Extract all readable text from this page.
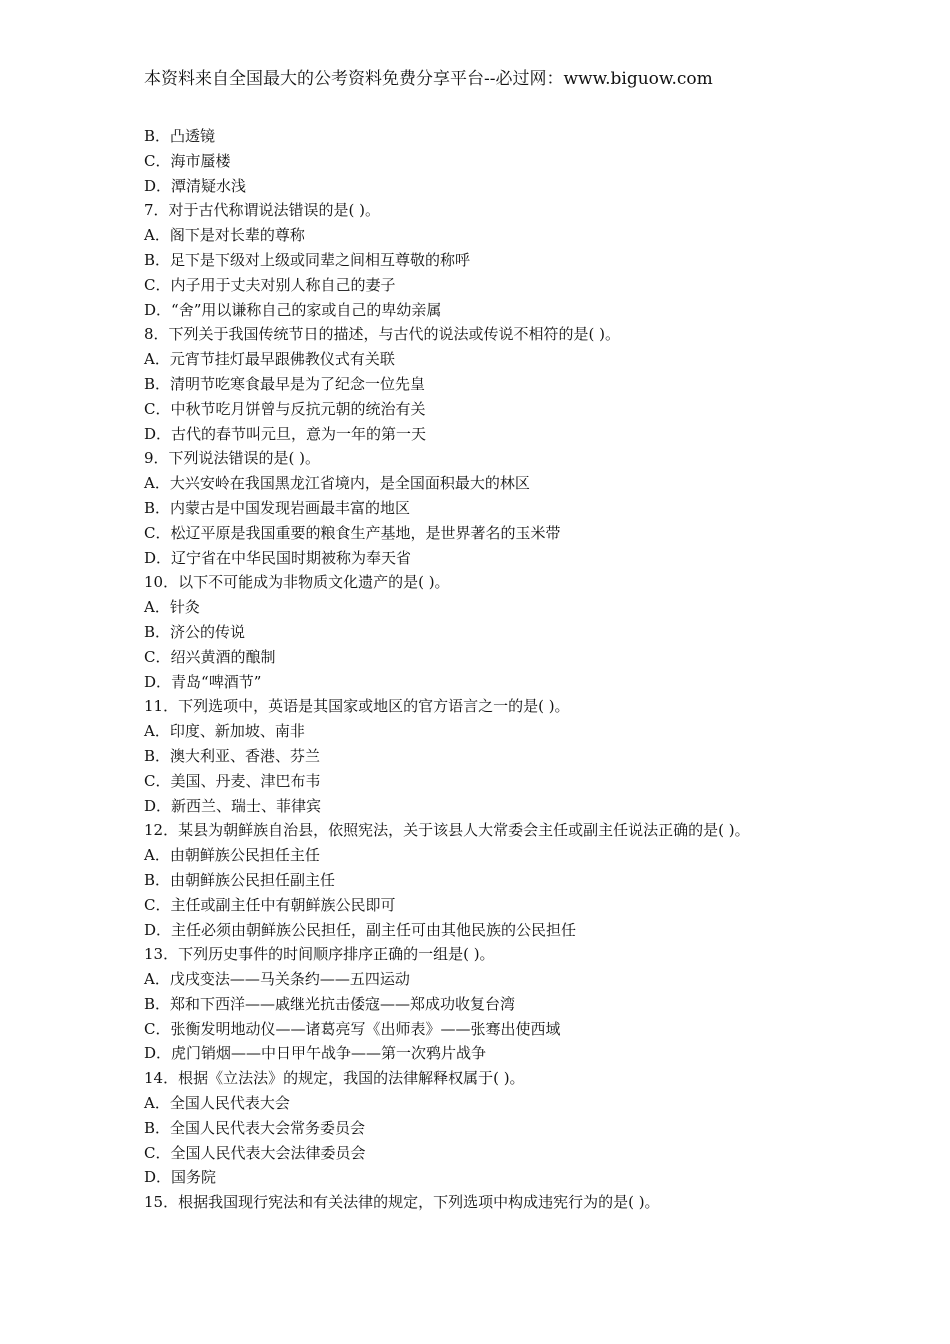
本资料来自全国最大的公考资料免费分享平台--必过网：www.biguow.com
B．凸透镜
C．海市蜃楼
D．潭清疑水浅
7．对于古代称谓说法错误的是( )。
A．阁下是对长辈的尊称
B．足下是下级对上级或同辈之间相互尊敬的称呼
C．内子用于丈夫对别人称自己的妻子
D．“舍”用以谦称自己的家或自己的卑幼亲属
8．下列关于我国传统节日的描述，与古代的说法或传说不相符的是( )。
A．元宵节挂灯最早跟佛教仪式有关联
B．清明节吃寒食最早是为了纪念一位先皇
C．中秋节吃月饼曾与反抗元朝的统治有关
D．古代的春节叫元旦，意为一年的第一天
9．下列说法错误的是( )。
A．大兴安岭在我国黑龙江省境内，是全国面积最大的林区
B．内蒙古是中国发现岩画最丰富的地区
C．松辽平原是我国重要的粮食生产基地，是世界著名的玉米带
D．辽宁省在中华民国时期被称为奉天省
10．以下不可能成为非物质文化遗产的是( )。
A．针灸
B．济公的传说
C．绍兴黄酒的酿制
D．青岛“啤酒节”
11．下列选项中，英语是其国家或地区的官方语言之一的是( )。
A．印度、新加坡、南非
B．澳大利亚、香港、芬兰
C．美国、丹麦、津巴布韦
D．新西兰、瑞士、菲律宾
12．某县为朝鲜族自治县，依照宪法，关于该县人大常委会主任或副主任说法正确的是( )。
A．由朝鲜族公民担任主任
B．由朝鲜族公民担任副主任
C．主任或副主任中有朝鲜族公民即可
D．主任必须由朝鲜族公民担任，副主任可由其他民族的公民担任
13．下列历史事件的时间顺序排序正确的一组是( )。
A．戊戌变法——马关条约——五四运动
B．郑和下西洋——戚继光抗击倭寇——郑成功收复台湾
C．张衡发明地动仪——诸葛亮写《出师表》——张骞出使西域
D．虎门销烟——中日甲午战争——第一次鸦片战争
14．根据《立法法》的规定，我国的法律解释权属于( )。
A．全国人民代表大会
B．全国人民代表大会常务委员会
C．全国人民代表大会法律委员会
D．国务院
15．根据我国现行宪法和有关法律的规定，下列选项中构成违宪行为的是( )。
